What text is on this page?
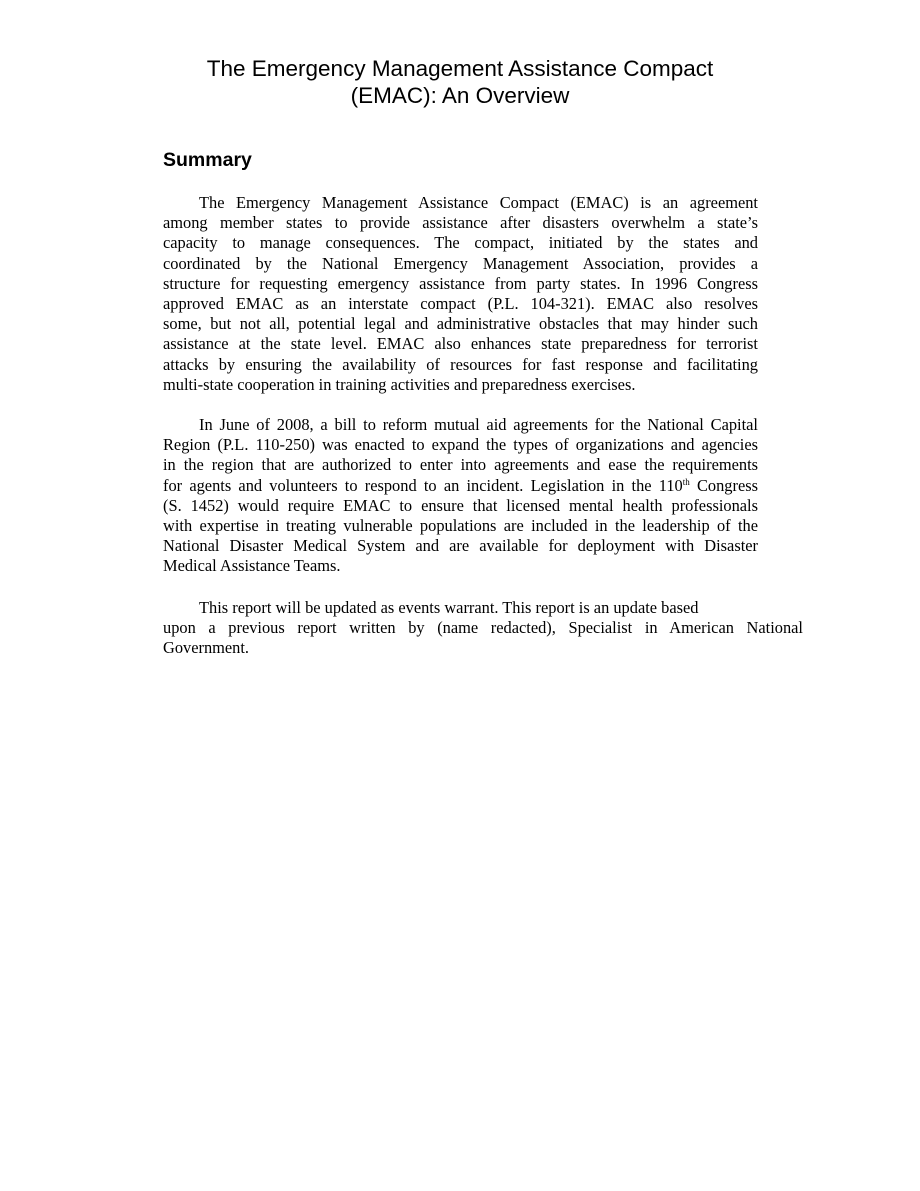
The Emergency Management Assistance Compact
(EMAC): An Overview
Summary
The Emergency Management Assistance Compact (EMAC) is an agreement
among member states to provide assistance after disasters overwhelm a state’s
capacity to manage consequences. The compact, initiated by the states and
coordinated by the National Emergency Management Association, provides a
structure for requesting emergency assistance from party states. In 1996 Congress
approved EMAC as an interstate compact (P.L. 104-321). EMAC also resolves
some, but not all, potential legal and administrative obstacles that may hinder such
assistance at the state level. EMAC also enhances state preparedness for terrorist
attacks by ensuring the availability of resources for fast response and facilitating
multi-state cooperation in training activities and preparedness exercises.
In June of 2008, a bill to reform mutual aid agreements for the National Capital
Region (P.L. 110-250) was enacted to expand the types of organizations and agencies
in the region that are authorized to enter into agreements and ease the requirements
for agents and volunteers to respond to an incident. Legislation in the 110th Congress
(S. 1452) would require EMAC to ensure that licensed mental health professionals
with expertise in treating vulnerable populations are included in the leadership of the
National Disaster Medical System and are available for deployment with Disaster
Medical Assistance Teams.
This report will be updated as events warrant. This report is an update based
upon a previous report written by (name redacted), Specialist in American National
Government.
